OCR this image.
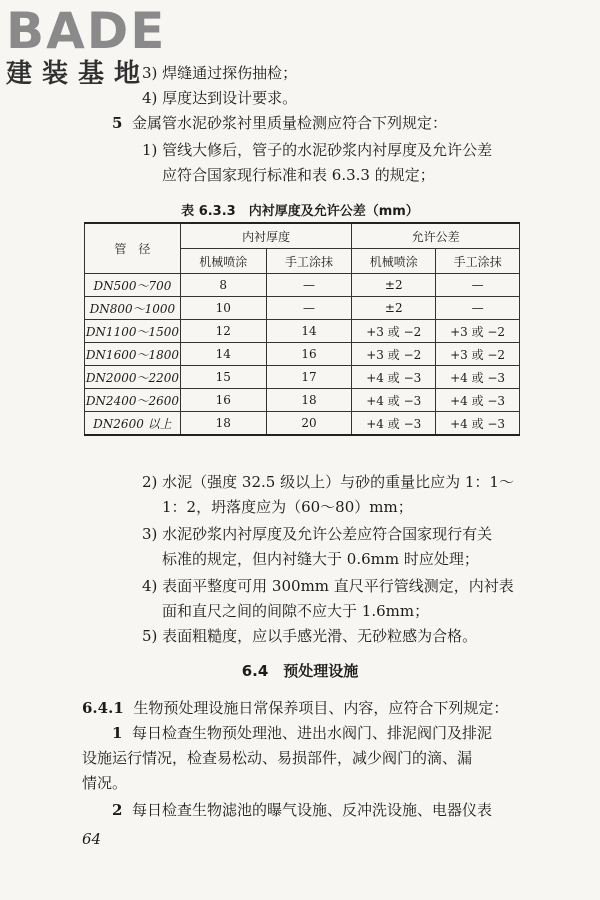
BADE
建装基地
3) 焊缝通过探伤抽检；
4) 厚度达到设计要求。
5 金属管水泥砂浆衬里质量检测应符合下列规定：
1) 管线大修后，管子的水泥砂浆内衬厚度及允许公差
应符合国家现行标准和表 6.3.3 的规定；
表 6.3.3　内衬厚度及允许公差（mm）
管　径	内衬厚度		允许公差	
	机械喷涂	手工涂抹	机械喷涂	手工涂抹
DN500～700	8	—	±2	—
DN800～1000	10	—	±2	—
DN1100～1500	12	14	+3 或 −2	+3 或 −2
DN1600～1800	14	16	+3 或 −2	+3 或 −2
DN2000～2200	15	17	+4 或 −3	+4 或 −3
DN2400～2600	16	18	+4 或 −3	+4 或 −3
DN2600 以上	18	20	+4 或 −3	+4 或 −3
2) 水泥（强度 32.5 级以上）与砂的重量比应为 1：1～
1：2，坍落度应为（60～80）mm；
3) 水泥砂浆内衬厚度及允许公差应符合国家现行有关
标准的规定，但内衬缝大于 0.6mm 时应处理；
4) 表面平整度可用 300mm 直尺平行管线测定，内衬表
面和直尺之间的间隙不应大于 1.6mm；
5) 表面粗糙度，应以手感光滑、无砂粒感为合格。
6.4　预处理设施
6.4.1 生物预处理设施日常保养项目、内容，应符合下列规定：
1 每日检查生物预处理池、进出水阀门、排泥阀门及排泥
设施运行情况，检查易松动、易损部件，减少阀门的滴、漏
情况。
2 每日检查生物滤池的曝气设施、反冲洗设施、电器仪表
64
